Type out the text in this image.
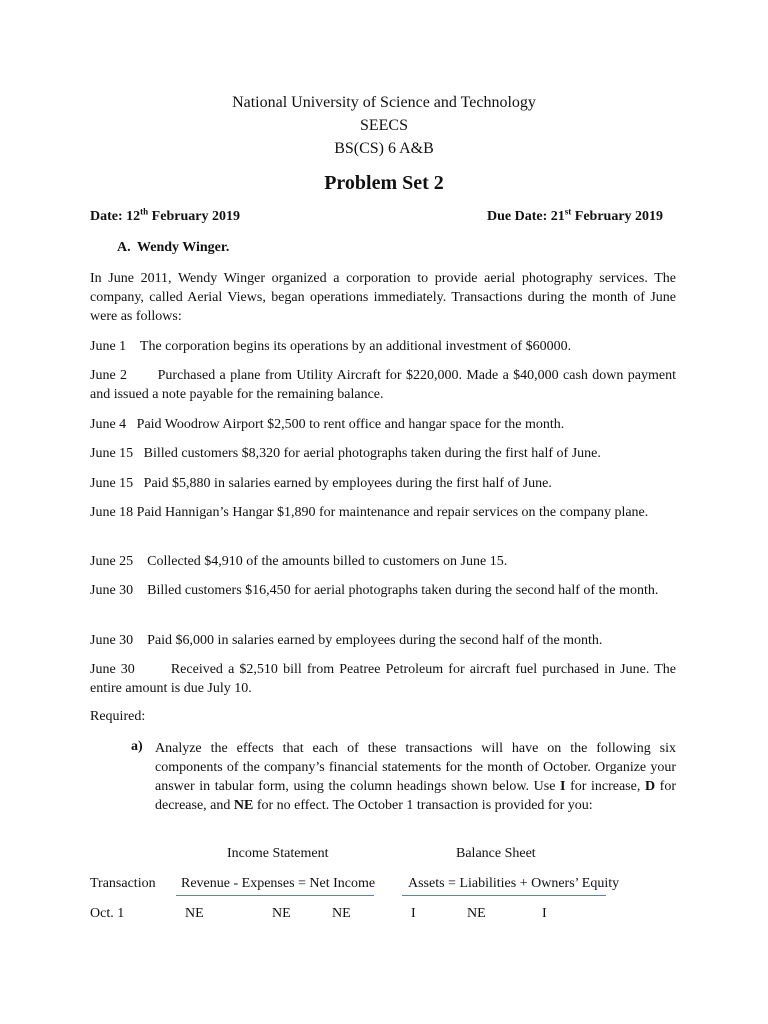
National University of Science and Technology
SEECS
BS(CS) 6 A&B
Problem Set 2
Date: 12th February 2019	Due Date: 21st February 2019
A. Wendy Winger.
In June 2011, Wendy Winger organized a corporation to provide aerial photography services. The company, called Aerial Views, began operations immediately. Transactions during the month of June were as follows:
June 1    The corporation begins its operations by an additional investment of $60000.
June 2       Purchased a plane from Utility Aircraft for $220,000. Made a $40,000 cash down payment and issued a note payable for the remaining balance.
June 4   Paid Woodrow Airport $2,500 to rent office and hangar space for the month.
June 15   Billed customers $8,320 for aerial photographs taken during the first half of June.
June 15   Paid $5,880 in salaries earned by employees during the first half of June.
June 18 Paid Hannigan’s Hangar $1,890 for maintenance and repair services on the company plane.
June 25    Collected $4,910 of the amounts billed to customers on June 15.
June 30    Billed customers $16,450 for aerial photographs taken during the second half of the month.
June 30    Paid $6,000 in salaries earned by employees during the second half of the month.
June 30       Received a $2,510 bill from Peatree Petroleum for aircraft fuel purchased in June. The entire amount is due July 10.
Required:
a) Analyze the effects that each of these transactions will have on the following six components of the company’s financial statements for the month of October. Organize your answer in tabular form, using the column headings shown below. Use I for increase, D for decrease, and NE for no effect. The October 1 transaction is provided for you:
Income Statement	Balance Sheet
Transaction Revenue - Expenses = Net Income Assets = Liabilities + Owners’ Equity
Oct. 1	NE	NE	NE	I	NE	I
